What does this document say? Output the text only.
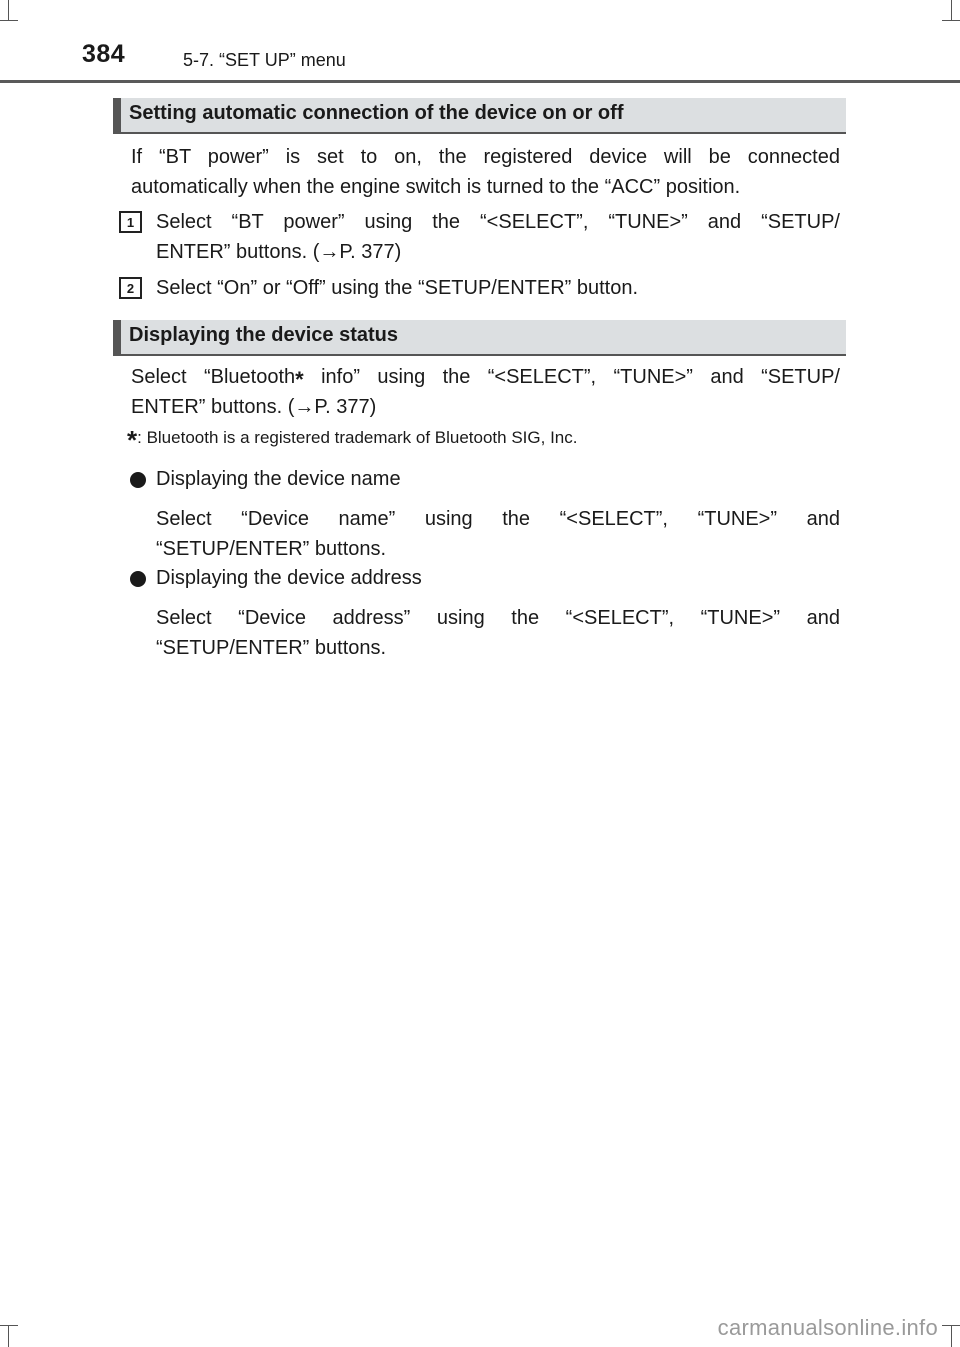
384	5-7. “SET UP” menu
Setting automatic connection of the device on or off
If “BT power” is set to on, the registered device will be connected
automatically when the engine switch is turned to the “ACC” position.
1	Select “BT power” using the “<SELECT”, “TUNE>” and “SETUP/
ENTER” buttons. (→P. 377)
2	Select “On” or “Off” using the “SETUP/ENTER” button.
Displaying the device status
Select “Bluetooth* info” using the “<SELECT”, “TUNE>” and “SETUP/
ENTER” buttons. (→P. 377)
*: Bluetooth is a registered trademark of Bluetooth SIG, Inc.
Displaying the device name
Select “Device name” using the “<SELECT”, “TUNE>” and
“SETUP/ENTER” buttons.
Displaying the device address
Select “Device address” using the “<SELECT”, “TUNE>” and
“SETUP/ENTER” buttons.
carmanualsonline.info
